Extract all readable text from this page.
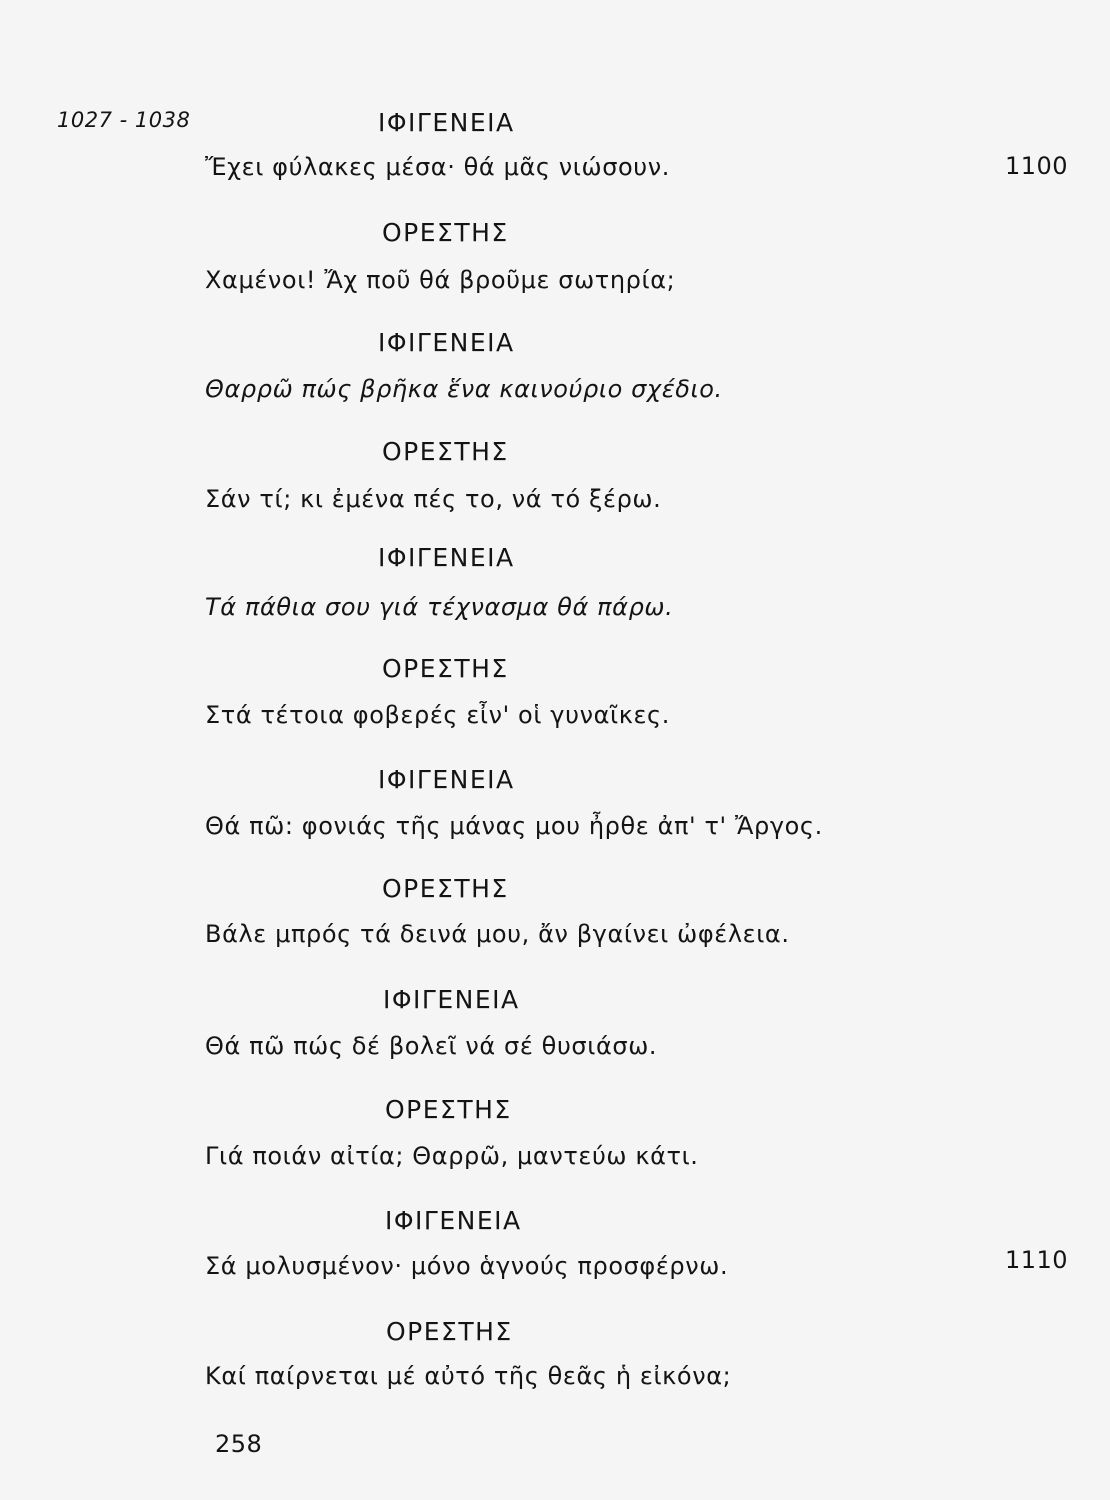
1027 - 1038	ΙΦΙΓΕΝΕΙΑ
Ἔχει φύλακες μέσα· θά μᾶς νιώσουν.	1100
ΟΡΕΣΤΗΣ
Χαμένοι! Ἄχ ποῦ θά βροῦμε σωτηρία;
ΙΦΙΓΕΝΕΙΑ
Θαρρῶ πώς βρῆκα ἕνα καινούριο σχέδιο.
ΟΡΕΣΤΗΣ
Σάν τί; κι ἐμένα πές το, νά τό ξέρω.
ΙΦΙΓΕΝΕΙΑ
Τά πάθια σου γιά τέχνασμα θά πάρω.
ΟΡΕΣΤΗΣ
Στά τέτοια φοβερές εἶν' οἱ γυναῖκες.
ΙΦΙΓΕΝΕΙΑ
Θά πῶ: φονιάς τῆς μάνας μου ἦρθε ἀπ' τ' Ἄργος.
ΟΡΕΣΤΗΣ
Βάλε μπρός τά δεινά μου, ἄν βγαίνει ὠφέλεια.
ΙΦΙΓΕΝΕΙΑ
Θά πῶ πώς δέ βολεῖ νά σέ θυσιάσω.
ΟΡΕΣΤΗΣ
Γιά ποιάν αἰτία; Θαρρῶ, μαντεύω κάτι.
ΙΦΙΓΕΝΕΙΑ
Σά μολυσμένον· μόνο ἁγνούς προσφέρνω.	1110
ΟΡΕΣΤΗΣ
Καί παίρνεται μέ αὐτό τῆς θεᾶς ἡ εἰκόνα;
258
